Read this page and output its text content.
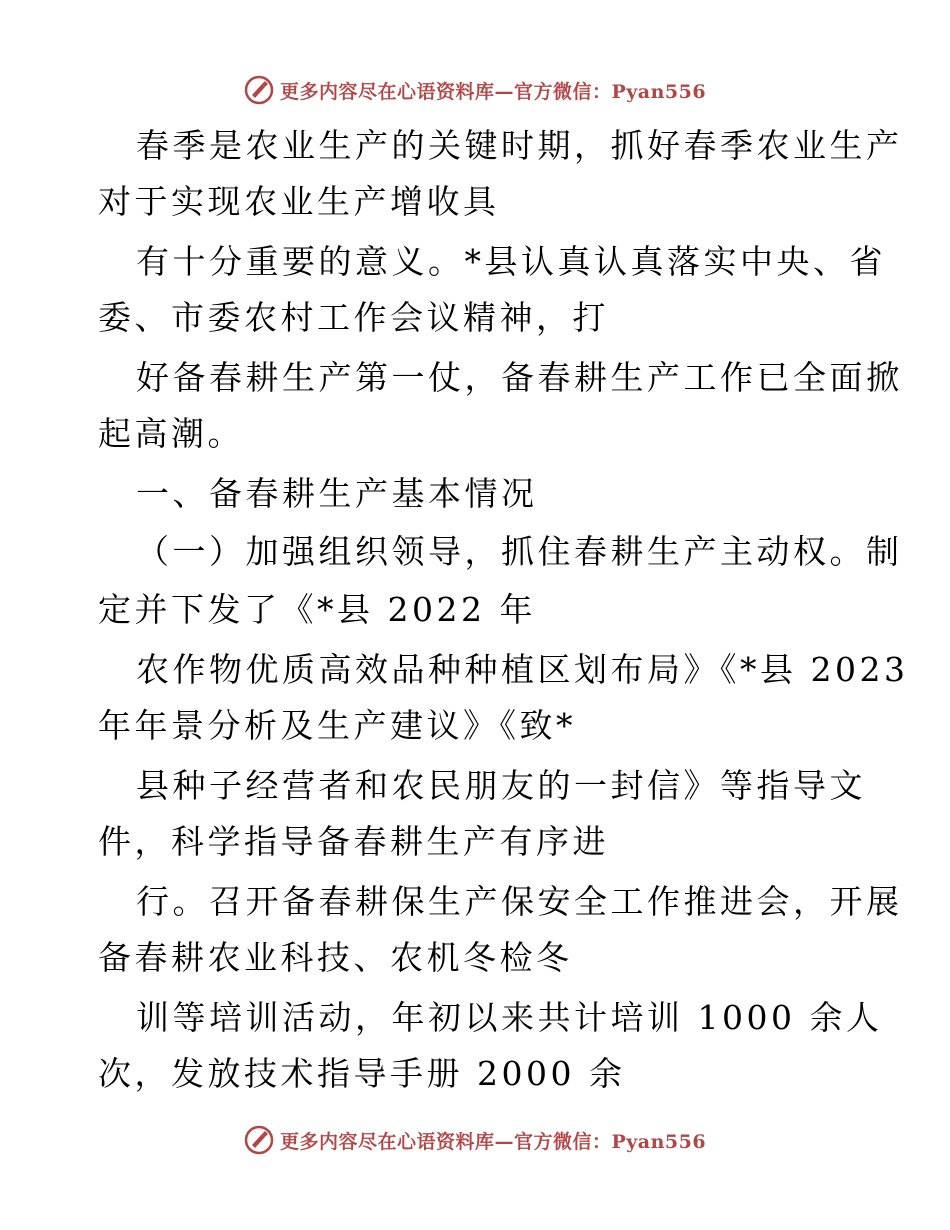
更多内容尽在心语资料库—官方微信：Pyan556
春季是农业生产的关键时期，抓好春季农业生产
对于实现农业生产增收具
有十分重要的意义。*县认真认真落实中央、省
委、市委农村工作会议精神，打
好备春耕生产第一仗，备春耕生产工作已全面掀
起高潮。
一、备春耕生产基本情况
（一）加强组织领导，抓住春耕生产主动权。制
定并下发了《*县 2022 年
农作物优质高效品种种植区划布局》《*县 2023
年年景分析及生产建议》《致*
县种子经营者和农民朋友的一封信》等指导文
件，科学指导备春耕生产有序进
行。召开备春耕保生产保安全工作推进会，开展
备春耕农业科技、农机冬检冬
训等培训活动，年初以来共计培训 1000 余人
次，发放技术指导手册 2000 余
更多内容尽在心语资料库—官方微信：Pyan556
